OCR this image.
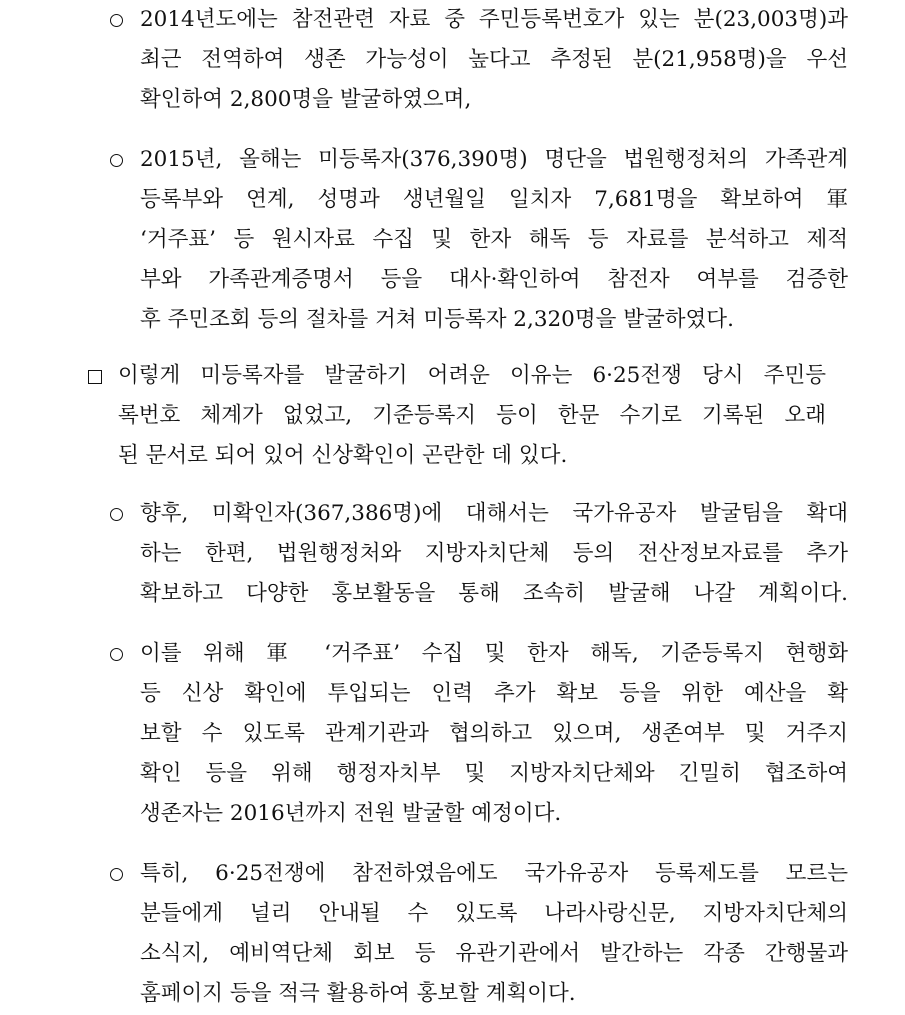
2014년도에는 참전관련 자료 중 주민등록번호가 있는 분(23,003명)과
최근 전역하여 생존 가능성이 높다고 추정된 분(21,958명)을 우선
확인하여 2,800명을 발굴하였으며,
2015년, 올해는 미등록자(376,390명) 명단을 법원행정처의 가족관계
등록부와 연계, 성명과 생년월일 일치자 7,681명을 확보하여 軍
‘거주표’ 등 원시자료 수집 및 한자 해독 등 자료를 분석하고 제적
부와 가족관계증명서 등을 대사·확인하여 참전자 여부를 검증한
후 주민조회 등의 절차를 거쳐 미등록자 2,320명을 발굴하였다.
이렇게 미등록자를 발굴하기 어려운 이유는 6·25전쟁 당시 주민등
록번호 체계가 없었고, 기준등록지 등이 한문 수기로 기록된 오래
된 문서로 되어 있어 신상확인이 곤란한 데 있다.
향후, 미확인자(367,386명)에 대해서는 국가유공자 발굴팀을 확대
하는 한편, 법원행정처와 지방자치단체 등의 전산정보자료를 추가
확보하고 다양한 홍보활동을 통해 조속히 발굴해 나갈 계획이다.
이를 위해 軍 ‘거주표’ 수집 및 한자 해독, 기준등록지 현행화
등 신상 확인에 투입되는 인력 추가 확보 등을 위한 예산을 확
보할 수 있도록 관계기관과 협의하고 있으며, 생존여부 및 거주지
확인 등을 위해 행정자치부 및 지방자치단체와 긴밀히 협조하여
생존자는 2016년까지 전원 발굴할 예정이다.
특히, 6·25전쟁에 참전하였음에도 국가유공자 등록제도를 모르는
분들에게 널리 안내될 수 있도록 나라사랑신문, 지방자치단체의
소식지, 예비역단체 회보 등 유관기관에서 발간하는 각종 간행물과
홈페이지 등을 적극 활용하여 홍보할 계획이다.
